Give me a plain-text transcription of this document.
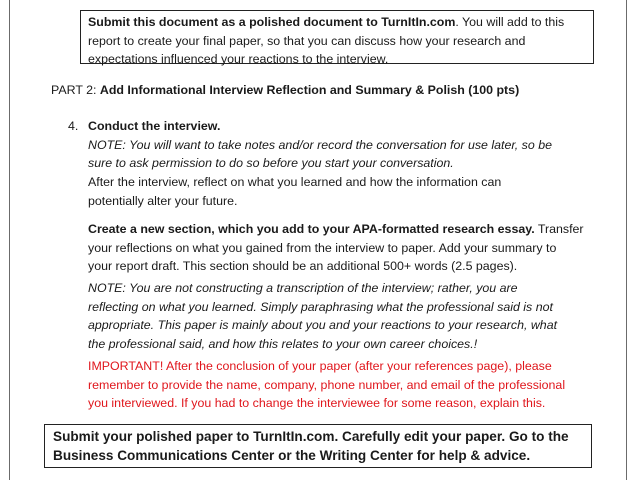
Submit this document as a polished document to TurnItIn.com. You will add to this
report to create your final paper, so that you can discuss how your research and
expectations influenced your reactions to the interview.
PART 2: Add Informational Interview Reflection and Summary & Polish (100 pts)
4. Conduct the interview.
NOTE: You will want to take notes and/or record the conversation for use later, so be
sure to ask permission to do so before you start your conversation.
After the interview, reflect on what you learned and how the information can
potentially alter your future.
Create a new section, which you add to your APA-formatted research essay. Transfer
your reflections on what you gained from the interview to paper. Add your summary to
your report draft. This section should be an additional 500+ words (2.5 pages).
NOTE: You are not constructing a transcription of the interview; rather, you are
reflecting on what you learned. Simply paraphrasing what the professional said is not
appropriate. This paper is mainly about you and your reactions to your research, what
the professional said, and how this relates to your own career choices.!
IMPORTANT! After the conclusion of your paper (after your references page), please
remember to provide the name, company, phone number, and email of the professional
you interviewed. If you had to change the interviewee for some reason, explain this.
Submit your polished paper to TurnItIn.com. Carefully edit your paper. Go to the
Business Communications Center or the Writing Center for help & advice.
